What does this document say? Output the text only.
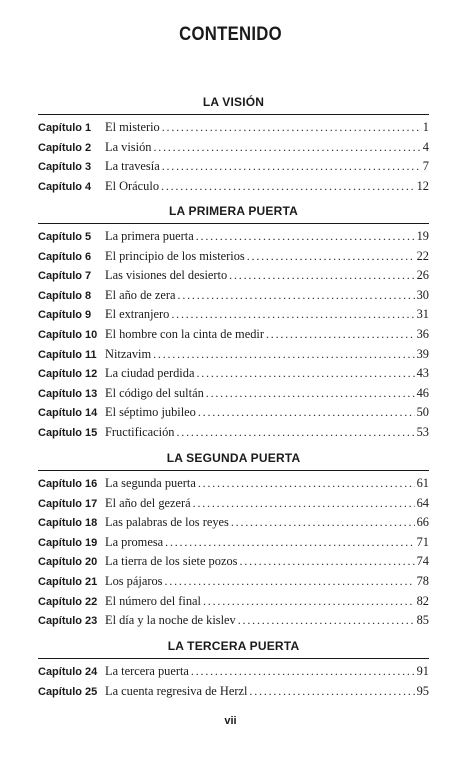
CONTENIDO
LA VISIÓN
Capítulo 1	El misterio . . .	1
Capítulo 2	La visión . . .	4
Capítulo 3	La travesía . . .	7
Capítulo 4	El Oráculo . . .	12
LA PRIMERA PUERTA
Capítulo 5	La primera puerta . . .	19
Capítulo 6	El principio de los misterios . . .	22
Capítulo 7	Las visiones del desierto . . .	26
Capítulo 8	El año de zera . . .	30
Capítulo 9	El extranjero . . .	31
Capítulo 10 El hombre con la cinta de medir . . .	36
Capítulo 11 Nitzavim . . .	39
Capítulo 12 La ciudad perdida . . .	43
Capítulo 13 El código del sultán . . .	46
Capítulo 14 El séptimo jubileo . . .	50
Capítulo 15 Fructificación . . .	53
LA SEGUNDA PUERTA
Capítulo 16 La segunda puerta . . .	61
Capítulo 17 El año del gezerá . . .	64
Capítulo 18 Las palabras de los reyes . . .	66
Capítulo 19 La promesa . . .	71
Capítulo 20 La tierra de los siete pozos . . .	74
Capítulo 21 Los pájaros . . .	78
Capítulo 22 El número del final . . .	82
Capítulo 23 El día y la noche de kislev . . .	85
LA TERCERA PUERTA
Capítulo 24 La tercera puerta . . .	91
Capítulo 25 La cuenta regresiva de Herzl . . .	95
vii
